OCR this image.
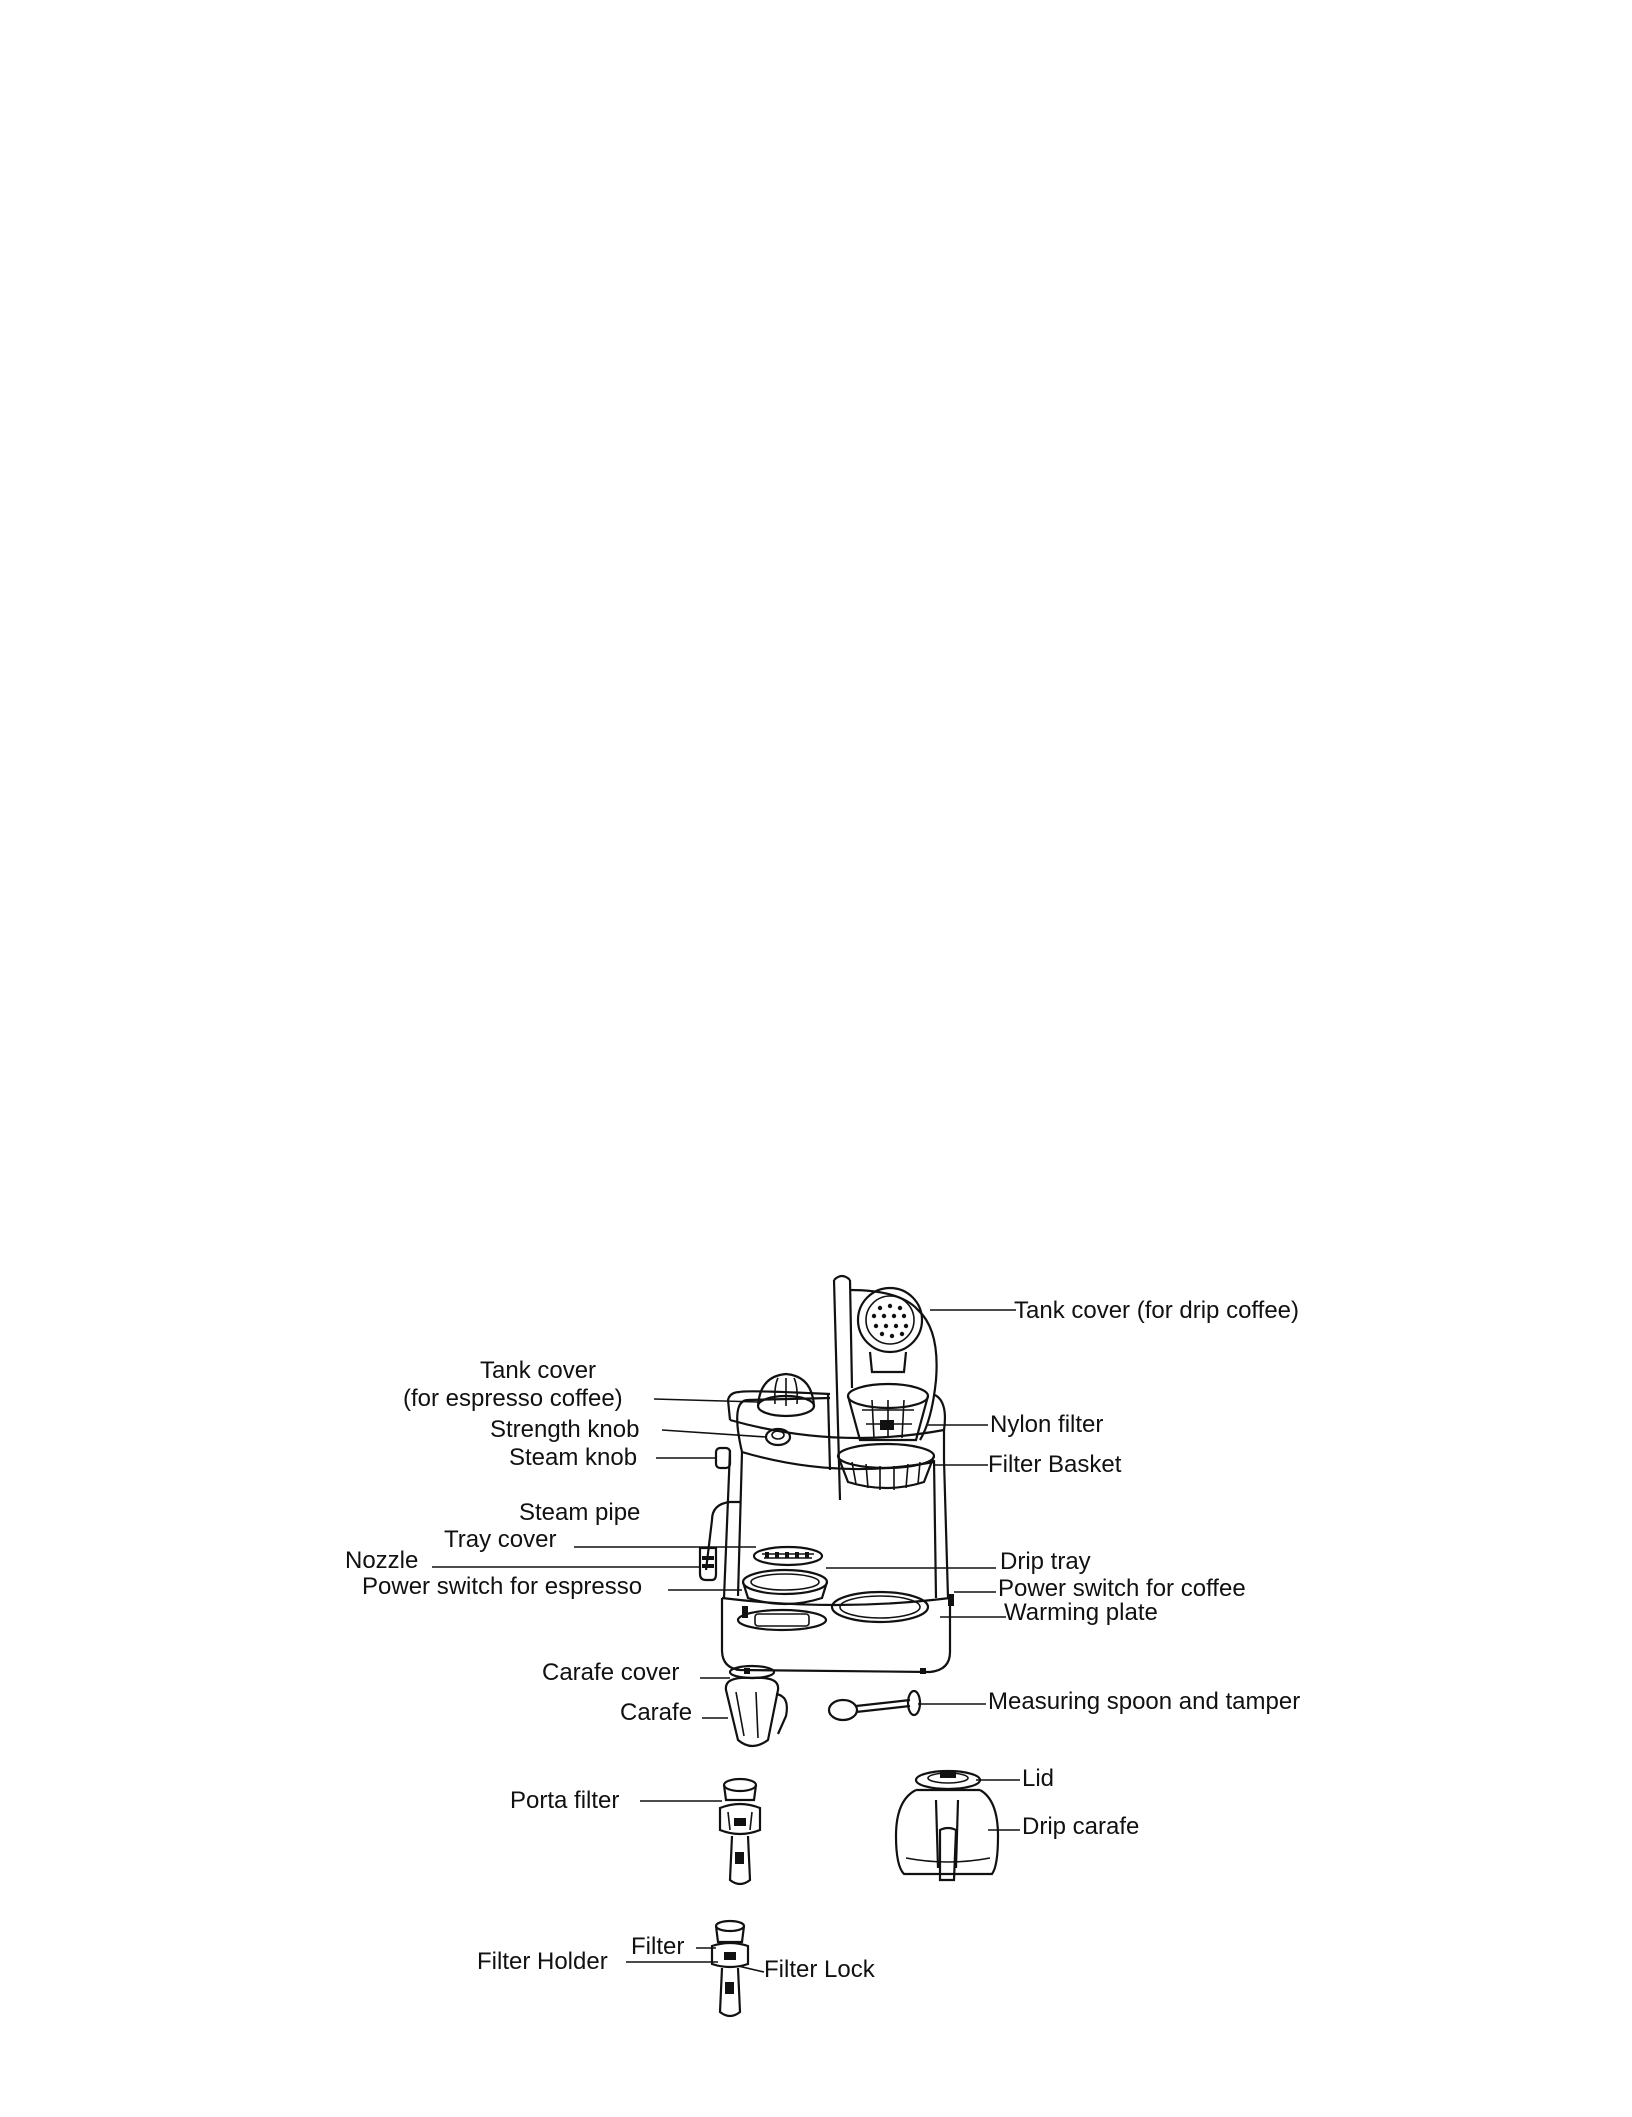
Tank cover (for drip coffee)
Tank cover
(for espresso coffee)
Strength knob
Steam knob
Nylon filter
Filter Basket
Steam pipe
Tray cover
Nozzle
Power switch for espresso
Drip tray
Power switch for coffee
Warming plate
Carafe cover
Carafe	Measuring spoon and tamper
Porta filter
Lid
Drip carafe
Filter
Filter Holder	Filter Lock
